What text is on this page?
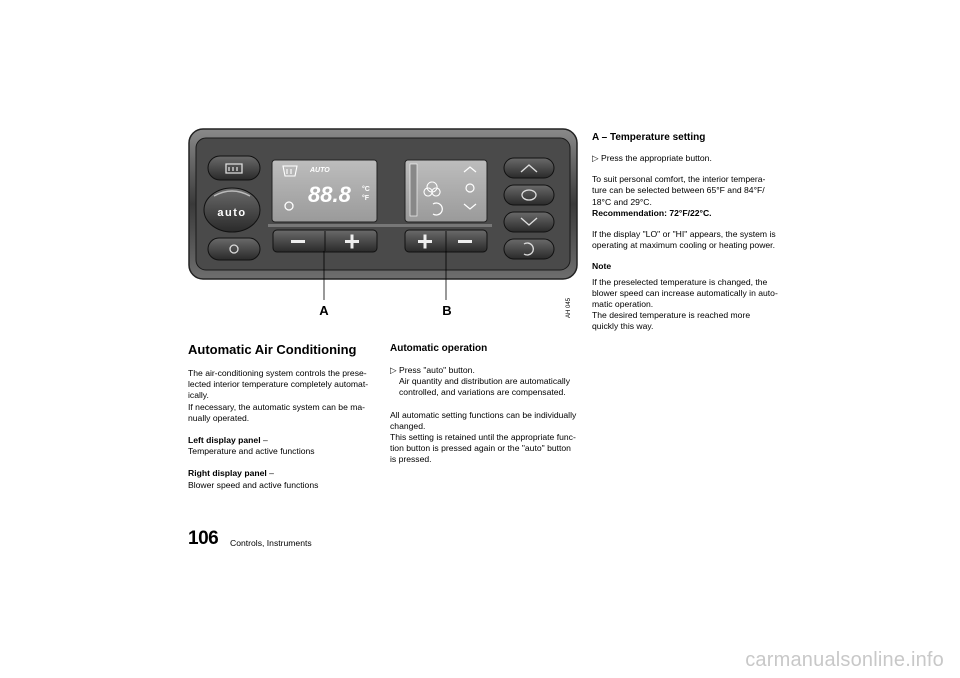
auto
AUTO
88.8 °C
°F
A	B	AH 045
Automatic Air Conditioning

The air-conditioning system controls the prese-
lected interior temperature completely automat-
ically.
If necessary, the automatic system can be ma-
nually operated.

Left display panel –
Temperature and active functions

Right display panel –
Blower speed and active functions

Automatic operation

▷ Press "auto" button.
Air quantity and distribution are automatically
controlled, and variations are compensated.

All automatic setting functions can be individually
changed.
This setting is retained until the appropriate func-
tion button is pressed again or the "auto" button
is pressed.

A – Temperature setting

▷ Press the appropriate button.

To suit personal comfort, the interior tempera-
ture can be selected between 65°F and 84°F/
18°C and 29°C.
Recommendation: 72°F/22°C.

If the display "LO" or "HI" appears, the system is
operating at maximum cooling or heating power.

Note

If the preselected temperature is changed, the
blower speed can increase automatically in auto-
matic operation.
The desired temperature is reached more
quickly this way.

106 Controls, Instruments
carmanualsonline.info
